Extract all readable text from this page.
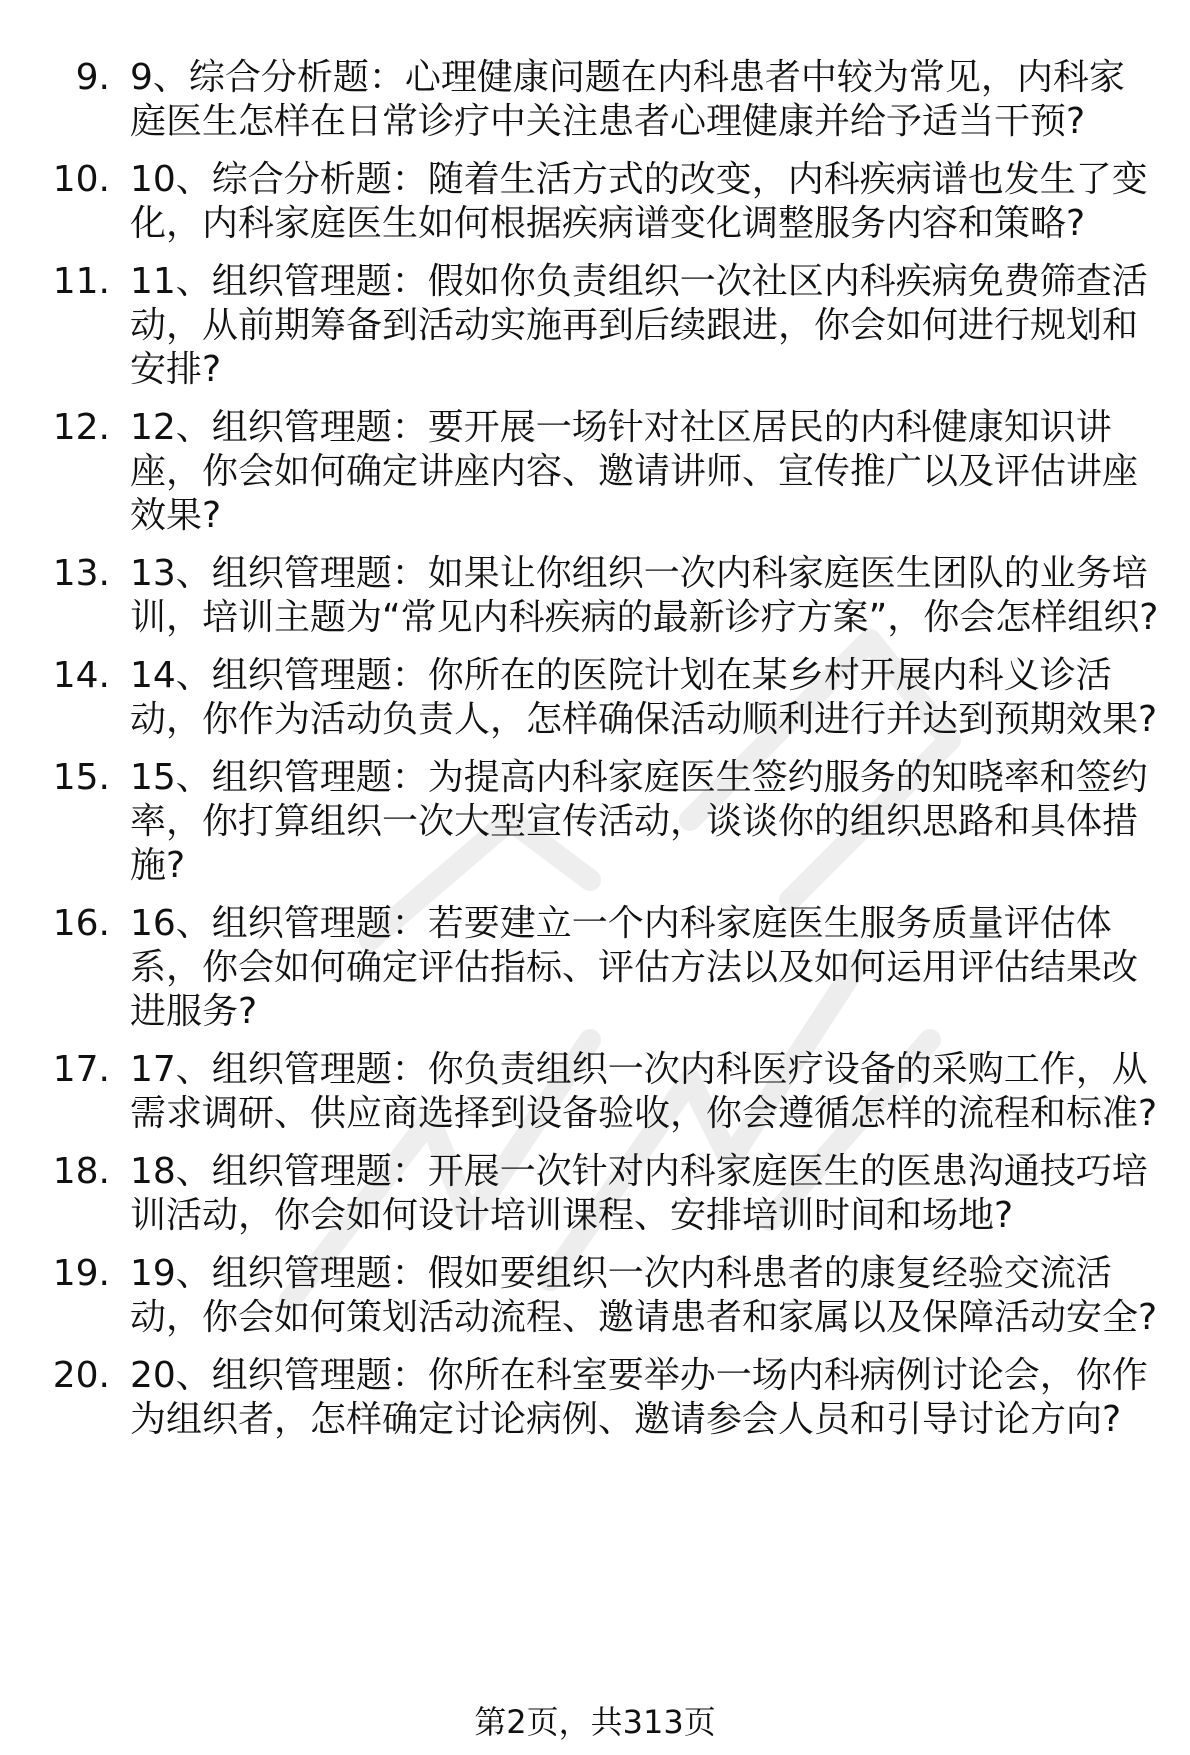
9. 9、综合分析题：心理健康问题在内科患者中较为常见，内科家庭医生怎样在日常诊疗中关注患者心理健康并给予适当干预?
10. 10、综合分析题：随着生活方式的改变，内科疾病谱也发生了变化，内科家庭医生如何根据疾病谱变化调整服务内容和策略?
11. 11、组织管理题：假如你负责组织一次社区内科疾病免费筛查活动，从前期筹备到活动实施再到后续跟进，你会如何进行规划和安排?
12. 12、组织管理题：要开展一场针对社区居民的内科健康知识讲座，你会如何确定讲座内容、邀请讲师、宣传推广以及评估讲座效果?
13. 13、组织管理题：如果让你组织一次内科家庭医生团队的业务培训，培训主题为“常见内科疾病的最新诊疗方案”，你会怎样组织?
14. 14、组织管理题：你所在的医院计划在某乡村开展内科义诊活动，你作为活动负责人，怎样确保活动顺利进行并达到预期效果?
15. 15、组织管理题：为提高内科家庭医生签约服务的知晓率和签约率，你打算组织一次大型宣传活动，谈谈你的组织思路和具体措施?
16. 16、组织管理题：若要建立一个内科家庭医生服务质量评估体系，你会如何确定评估指标、评估方法以及如何运用评估结果改进服务?
17. 17、组织管理题：你负责组织一次内科医疗设备的采购工作，从需求调研、供应商选择到设备验收，你会遵循怎样的流程和标准?
18. 18、组织管理题：开展一次针对内科家庭医生的医患沟通技巧培训活动，你会如何设计培训课程、安排培训时间和场地?
19. 19、组织管理题：假如要组织一次内科患者的康复经验交流活动，你会如何策划活动流程、邀请患者和家属以及保障活动安全?
20. 20、组织管理题：你所在科室要举办一场内科病例讨论会，你作为组织者，怎样确定讨论病例、邀请参会人员和引导讨论方向?
第2页，共313页
